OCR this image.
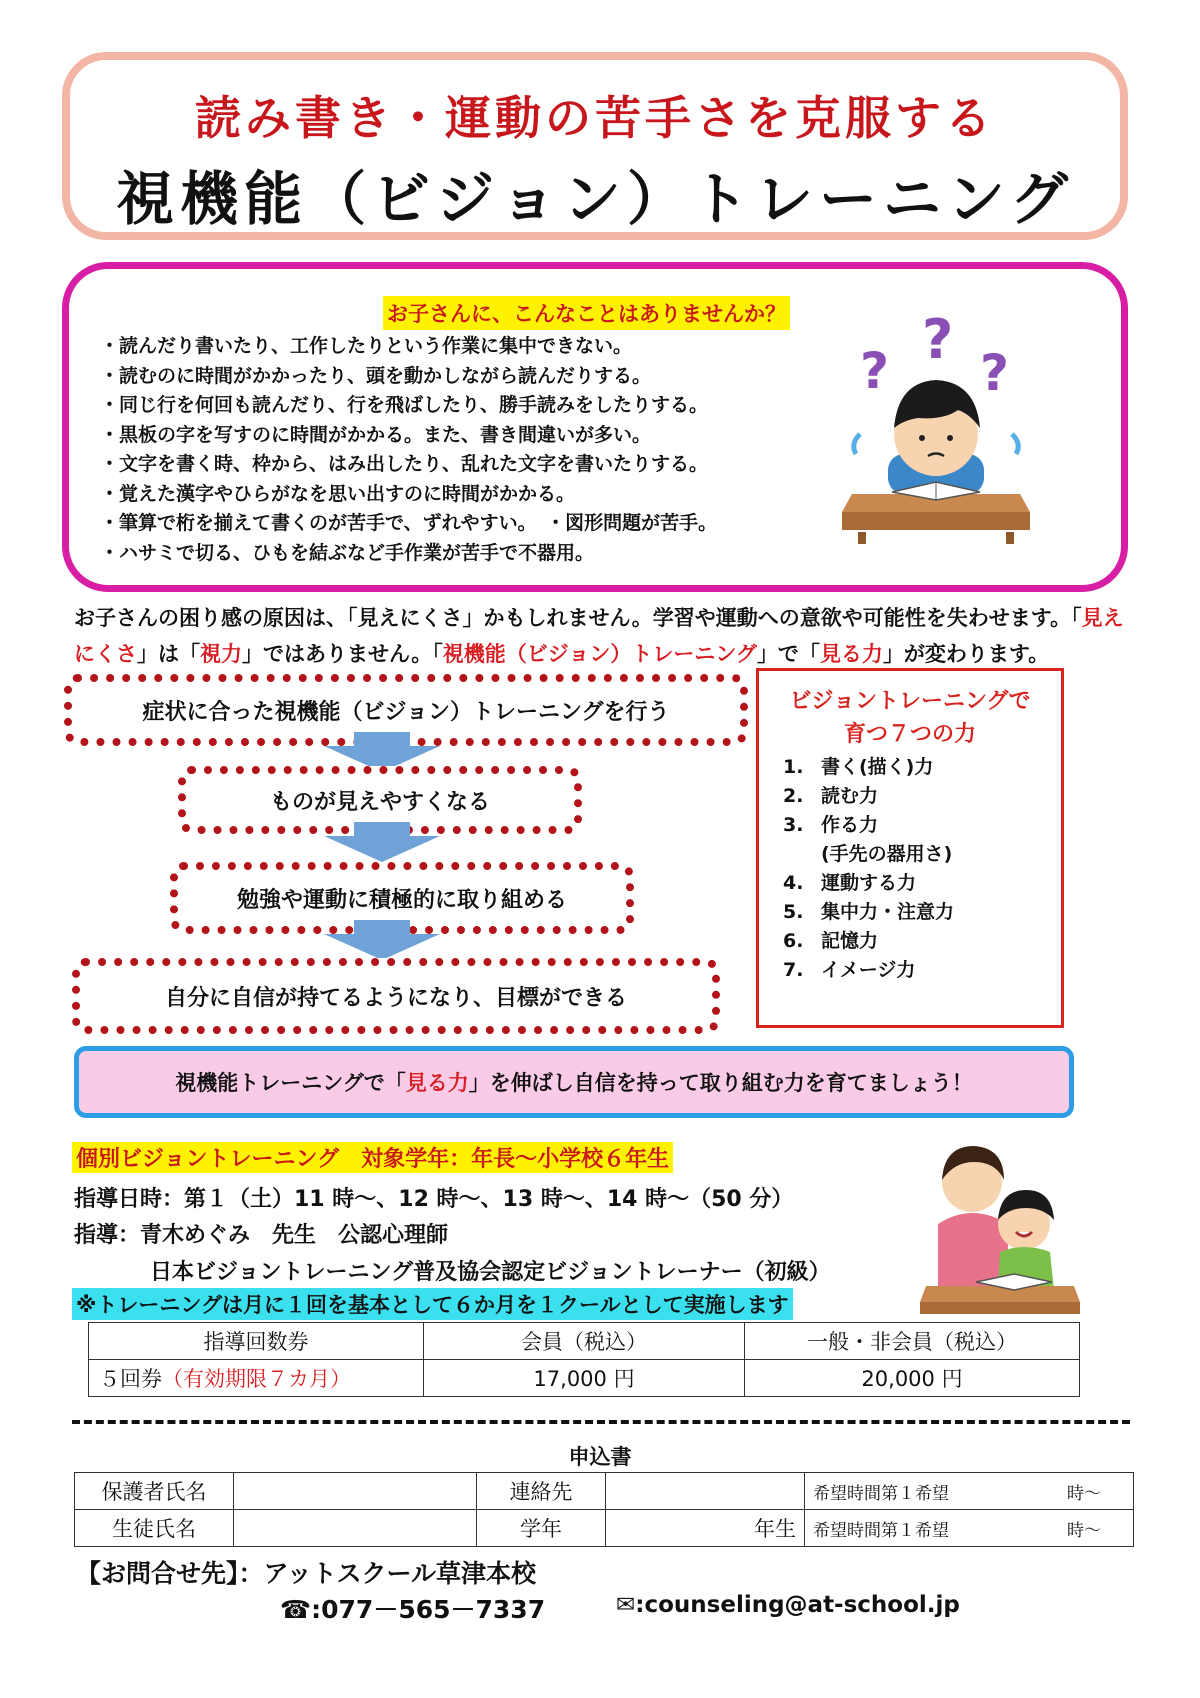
読み書き・運動の苦手さを克服する
視機能（ビジョン）トレーニング
お子さんに、こんなことはありませんか？
・読んだり書いたり、工作したりという作業に集中できない。
・読むのに時間がかかったり、頭を動かしながら読んだりする。
・同じ行を何回も読んだり、行を飛ばしたり、勝手読みをしたりする。
・黒板の字を写すのに時間がかかる。また、書き間違いが多い。
・文字を書く時、枠から、はみ出したり、乱れた文字を書いたりする。
・覚えた漢字やひらがなを思い出すのに時間がかかる。
・筆算で桁を揃えて書くのが苦手で、ずれやすい。　・図形問題が苦手。
・ハサミで切る、ひもを結ぶなど手作業が苦手で不器用。
? ?
?
お子さんの困り感の原因は、「見えにくさ」かもしれません。学習や運動への意欲や可能性を失わせます。「見えにくさ」は「視力」ではありません。「視機能（ビジョン）トレーニング」で「見る力」が変わります。
症状に合った視機能（ビジョン）トレーニングを行う
ものが見えやすくなる
勉強や運動に積極的に取り組める
自分に自信が持てるようになり、目標ができる
ビジョントレーニングで
育つ７つの力
1. 書く(描く)力
2. 読む力
3. 作る力
(手先の器用さ)
4. 運動する力
5. 集中力・注意力
6. 記憶力
7. イメージ力
視機能トレーニングで「 見る力 」を伸ばし自信を持って取り組む力を育てましょう！
個別ビジョントレーニング　対象学年：年長～小学校６年生
指導日時：第１（土）11 時～、12 時～、13 時～、14 時～（50 分）
指導：青木めぐみ　先生　公認心理師
日本ビジョントレーニング普及協会認定ビジョントレーナー（初級）
※トレーニングは月に１回を基本として６か月を１クールとして実施します
指導回数券	会員（税込）	一般・非会員（税込）
５回券（有効期限７カ月）	17,000 円	20,000 円
申込書
保護者氏名		連絡先		希望時間第１希望 時～

生徒氏名		学年	年生	希望時間第１希望 時～
【お問合せ先】：アットスクール草津本校
☎:077－565－7337	✉:counseling@at-school.jp
